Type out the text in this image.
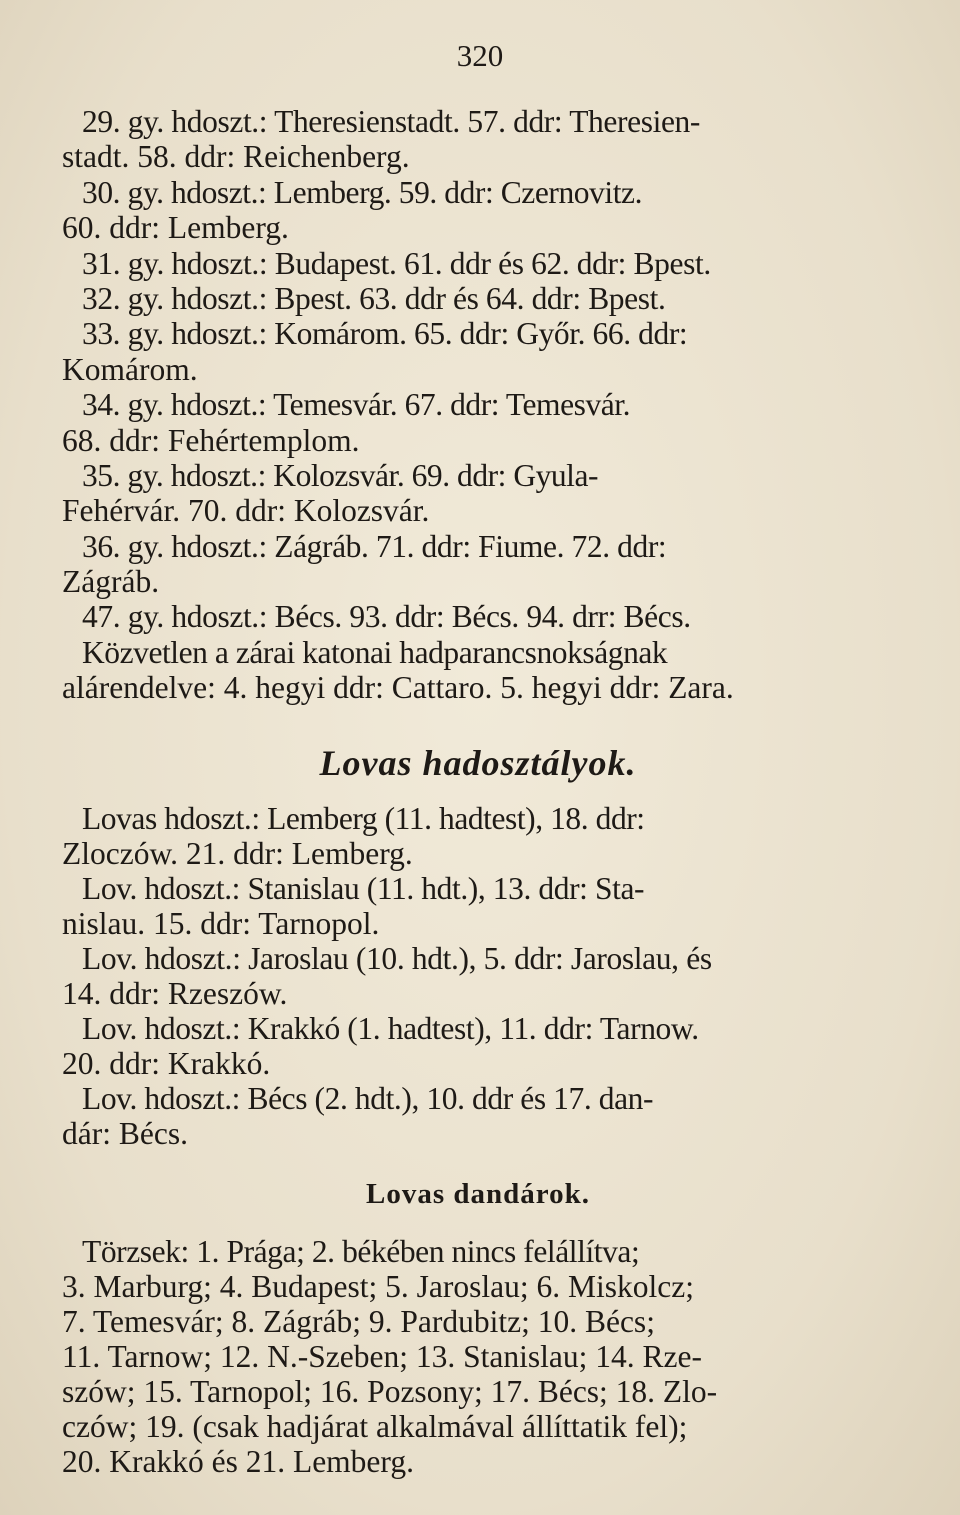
320
29. gy. hdoszt.: Theresienstadt. 57. ddr: Theresien-
stadt. 58. ddr: Reichenberg.
30. gy. hdoszt.: Lemberg. 59. ddr: Czernovitz.
60. ddr: Lemberg.
31. gy. hdoszt.: Budapest. 61. ddr és 62. ddr: Bpest.
32. gy. hdoszt.: Bpest. 63. ddr és 64. ddr: Bpest.
33. gy. hdoszt.: Komárom. 65. ddr: Győr. 66. ddr:
Komárom.
34. gy. hdoszt.: Temesvár. 67. ddr: Temesvár.
68. ddr: Fehértemplom.
35. gy. hdoszt.: Kolozsvár. 69. ddr: Gyula-
Fehérvár. 70. ddr: Kolozsvár.
36. gy. hdoszt.: Zágráb. 71. ddr: Fiume. 72. ddr:
Zágráb.
47. gy. hdoszt.: Bécs. 93. ddr: Bécs. 94. drr: Bécs.
Közvetlen a zárai katonai hadparancsnokságnak
alárendelve: 4. hegyi ddr: Cattaro. 5. hegyi ddr: Zara.
Lovas hadosztályok.
Lovas hdoszt.: Lemberg (11. hadtest), 18. ddr:
Zloczów. 21. ddr: Lemberg.
Lov. hdoszt.: Stanislau (11. hdt.), 13. ddr: Sta-
nislau. 15. ddr: Tarnopol.
Lov. hdoszt.: Jaroslau (10. hdt.), 5. ddr: Jaroslau, és
14. ddr: Rzeszów.
Lov. hdoszt.: Krakkó (1. hadtest), 11. ddr: Tarnow.
20. ddr: Krakkó.
Lov. hdoszt.: Bécs (2. hdt.), 10. ddr és 17. dan-
dár: Bécs.
Lovas dandárok.
Törzsek: 1. Prága; 2. békében nincs felállítva;
3. Marburg; 4. Budapest; 5. Jaroslau; 6. Miskolcz;
7. Temesvár; 8. Zágráb; 9. Pardubitz; 10. Bécs;
11. Tarnow; 12. N.-Szeben; 13. Stanislau; 14. Rze-
szów; 15. Tarnopol; 16. Pozsony; 17. Bécs; 18. Zlo-
czów; 19. (csak hadjárat alkalmával állíttatik fel);
20. Krakkó és 21. Lemberg.
